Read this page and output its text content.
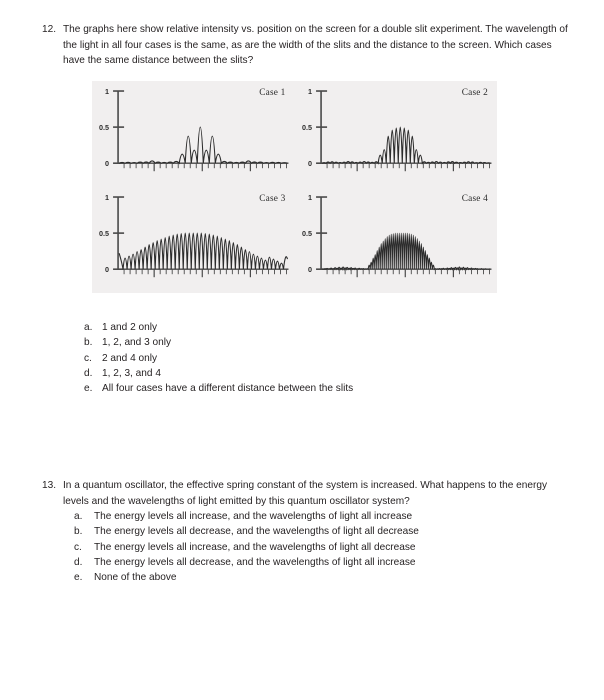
12. The graphs here show relative intensity vs. position on the screen for a double slit experiment. The wavelength of the light in all four cases is the same, as are the width of the slits and the distance to the screen. Which cases have the same distance between the slits?
1
0.5
0
Case 1	1
0.5
0
Case 2
1
0.5
0
Case 3	1
0.5
0
Case 4
a. 1 and 2 only
b. 1, 2, and 3 only
c.	2 and 4 only
d. 1, 2, 3, and 4
e. All four cases have a different distance between the slits
13. In a quantum oscillator, the effective spring constant of the system is increased. What happens to the energy levels and the wavelengths of light emitted by this quantum oscillator system?
a.	The energy levels all increase, and the wavelengths of light all increase
b.	The energy levels all decrease, and the wavelengths of light all decrease
c.	The energy levels all increase, and the wavelengths of light all decrease
d.	The energy levels all decrease, and the wavelengths of light all increase
e.	None of the above
